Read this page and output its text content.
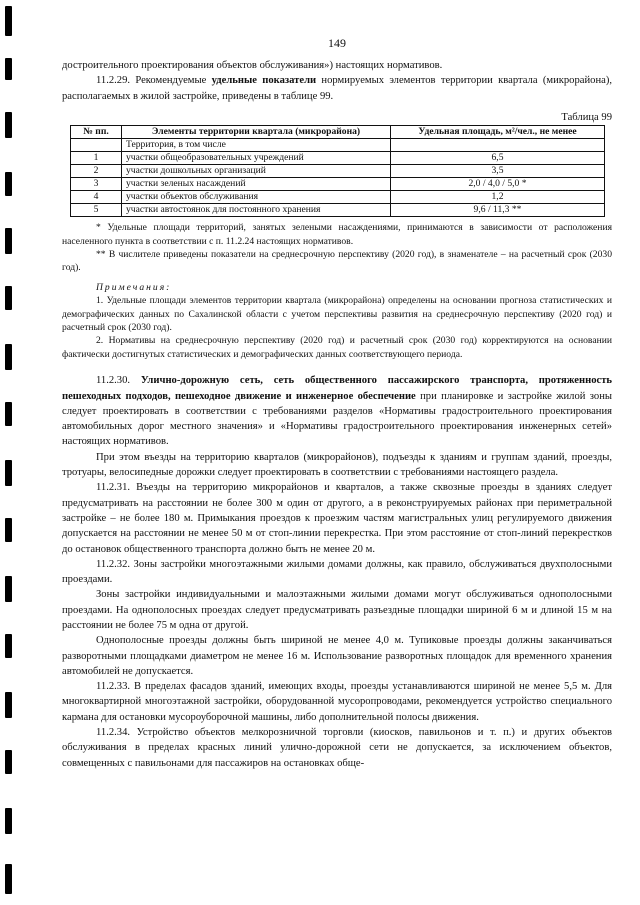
149

достроительного проектирования объектов обслуживания») настоящих нормативов.

11.2.29. Рекомендуемые удельные показатели нормируемых элементов территории квартала (микрорайона), располагаемых в жилой застройке, приведены в таблице 99.

Таблица 99
№ пп.	Элементы территории квартала (микрорайона)	Удельная площадь, м²/чел., не менее
	Территория, в том числе	
1	участки общеобразовательных учреждений	6,5
2	участки дошкольных организаций	3,5
3	участки зеленых насаждений	2,0 / 4,0 / 5,0 *
4	участки объектов обслуживания	1,2
5	участки автостоянок для постоянного хранения	9,6 / 11,3 **

* Удельные площади территорий, занятых зелеными насаждениями, принимаются в зависимости от расположения населенного пункта в соответствии с п. 11.2.24 настоящих нормативов.

** В числителе приведены показатели на среднесрочную перспективу (2020 год), в знаменателе – на расчетный срок (2030 год).

Примечания:

1. Удельные площади элементов территории квартала (микрорайона) определены на основании прогноза статистических и демографических данных по Сахалинской области с учетом перспективы развития на среднесрочную перспективу (2020 год) и расчетный срок (2030 год).

2. Нормативы на среднесрочную перспективу (2020 год) и расчетный срок (2030 год) корректируются на основании фактически достигнутых статистических и демографических данных соответствующего периода.

11.2.30. Улично-дорожную сеть, сеть общественного пассажирского транспорта, протяженность пешеходных подходов, пешеходное движение и инженерное обеспечение при планировке и застройке жилой зоны следует проектировать в соответствии с требованиями разделов «Нормативы градостроительного проектирования автомобильных дорог местного значения» и «Нормативы градостроительного проектирования инженерных сетей» настоящих нормативов.

При этом въезды на территорию кварталов (микрорайонов), подъезды к зданиям и группам зданий, проезды, тротуары, велосипедные дорожки следует проектировать в соответствии с требованиями настоящего раздела.

11.2.31. Въезды на территорию микрорайонов и кварталов, а также сквозные проезды в зданиях следует предусматривать на расстоянии не более 300 м один от другого, а в реконструируемых районах при периметральной застройке – не более 180 м. Примыкания проездов к проезжим частям магистральных улиц регулируемого движения допускается на расстоянии не менее 50 м от стоп-линии перекрестка. При этом расстояние от стоп-линий перекрестков до остановок общественного транспорта должно быть не менее 20 м.

11.2.32. Зоны застройки многоэтажными жилыми домами должны, как правило, обслуживаться двухполосными проездами.

Зоны застройки индивидуальными и малоэтажными жилыми домами могут обслуживаться однополосными проездами. На однополосных проездах следует предусматривать разъездные площадки шириной 6 м и длиной 15 м на расстоянии не более 75 м одна от другой.

Однополосные проезды должны быть шириной не менее 4,0 м. Тупиковые проезды должны заканчиваться разворотными площадками диаметром не менее 16 м. Использование разворотных площадок для временного хранения автомобилей не допускается.

11.2.33. В пределах фасадов зданий, имеющих входы, проезды устанавливаются шириной не менее 5,5 м. Для многоквартирной многоэтажной застройки, оборудованной мусоропроводами, рекомендуется устройство специального кармана для остановки мусороуборочной машины, либо дополнительной полосы движения.

11.2.34. Устройство объектов мелкорозничной торговли (киосков, павильонов и т. п.) и других объектов обслуживания в пределах красных линий улично-дорожной сети не допускается, за исключением объектов, совмещенных с павильонами для пассажиров на остановках обще-
